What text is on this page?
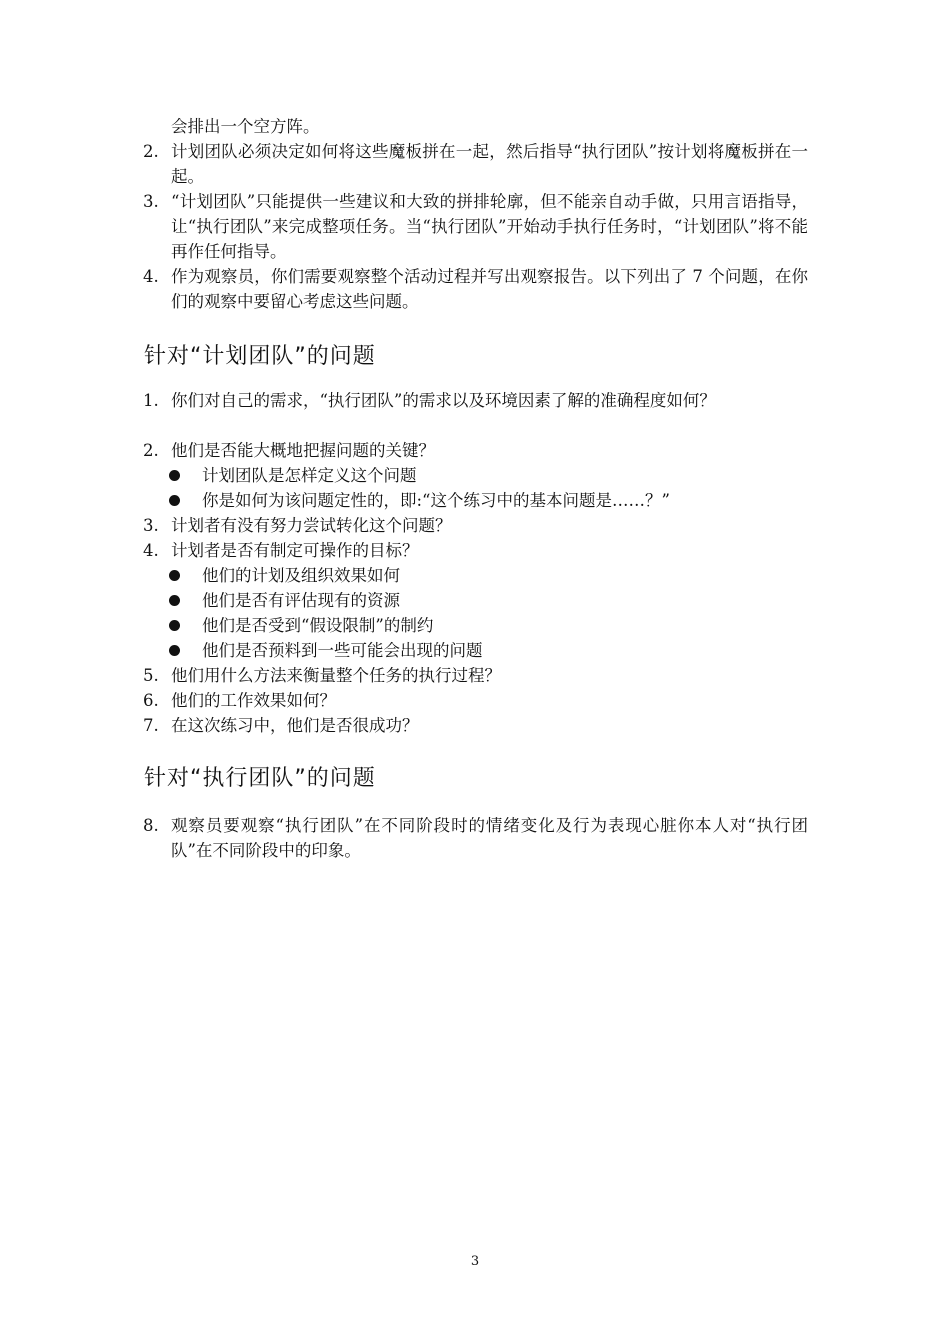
会排出一个空方阵。
2. 计划团队必须决定如何将这些魔板拼在一起，然后指导“执行团队”按计划将魔板拼在一起。
3. “计划团队”只能提供一些建议和大致的拼排轮廓，但不能亲自动手做，只用言语指导，让“执行团队”来完成整项任务。当“执行团队”开始动手执行任务时，“计划团队”将不能再作任何指导。
4. 作为观察员，你们需要观察整个活动过程并写出观察报告。以下列出了 7 个问题，在你们的观察中要留心考虑这些问题。
针对“计划团队”的问题
1. 你们对自己的需求，“执行团队”的需求以及环境因素了解的准确程度如何？
2. 他们是否能大概地把握问题的关键？
计划团队是怎样定义这个问题
你是如何为该问题定性的，即:“这个练习中的基本问题是……？”
3. 计划者有没有努力尝试转化这个问题？
4. 计划者是否有制定可操作的目标？
他们的计划及组织效果如何
他们是否有评估现有的资源
他们是否受到“假设限制”的制约
他们是否预料到一些可能会出现的问题
5. 他们用什么方法来衡量整个任务的执行过程？
6. 他们的工作效果如何？
7. 在这次练习中，他们是否很成功？
针对“执行团队”的问题
8. 观察员要观察“执行团队”在不同阶段时的情绪变化及行为表现心脏你本人对“执行团队”在不同阶段中的印象。
3
